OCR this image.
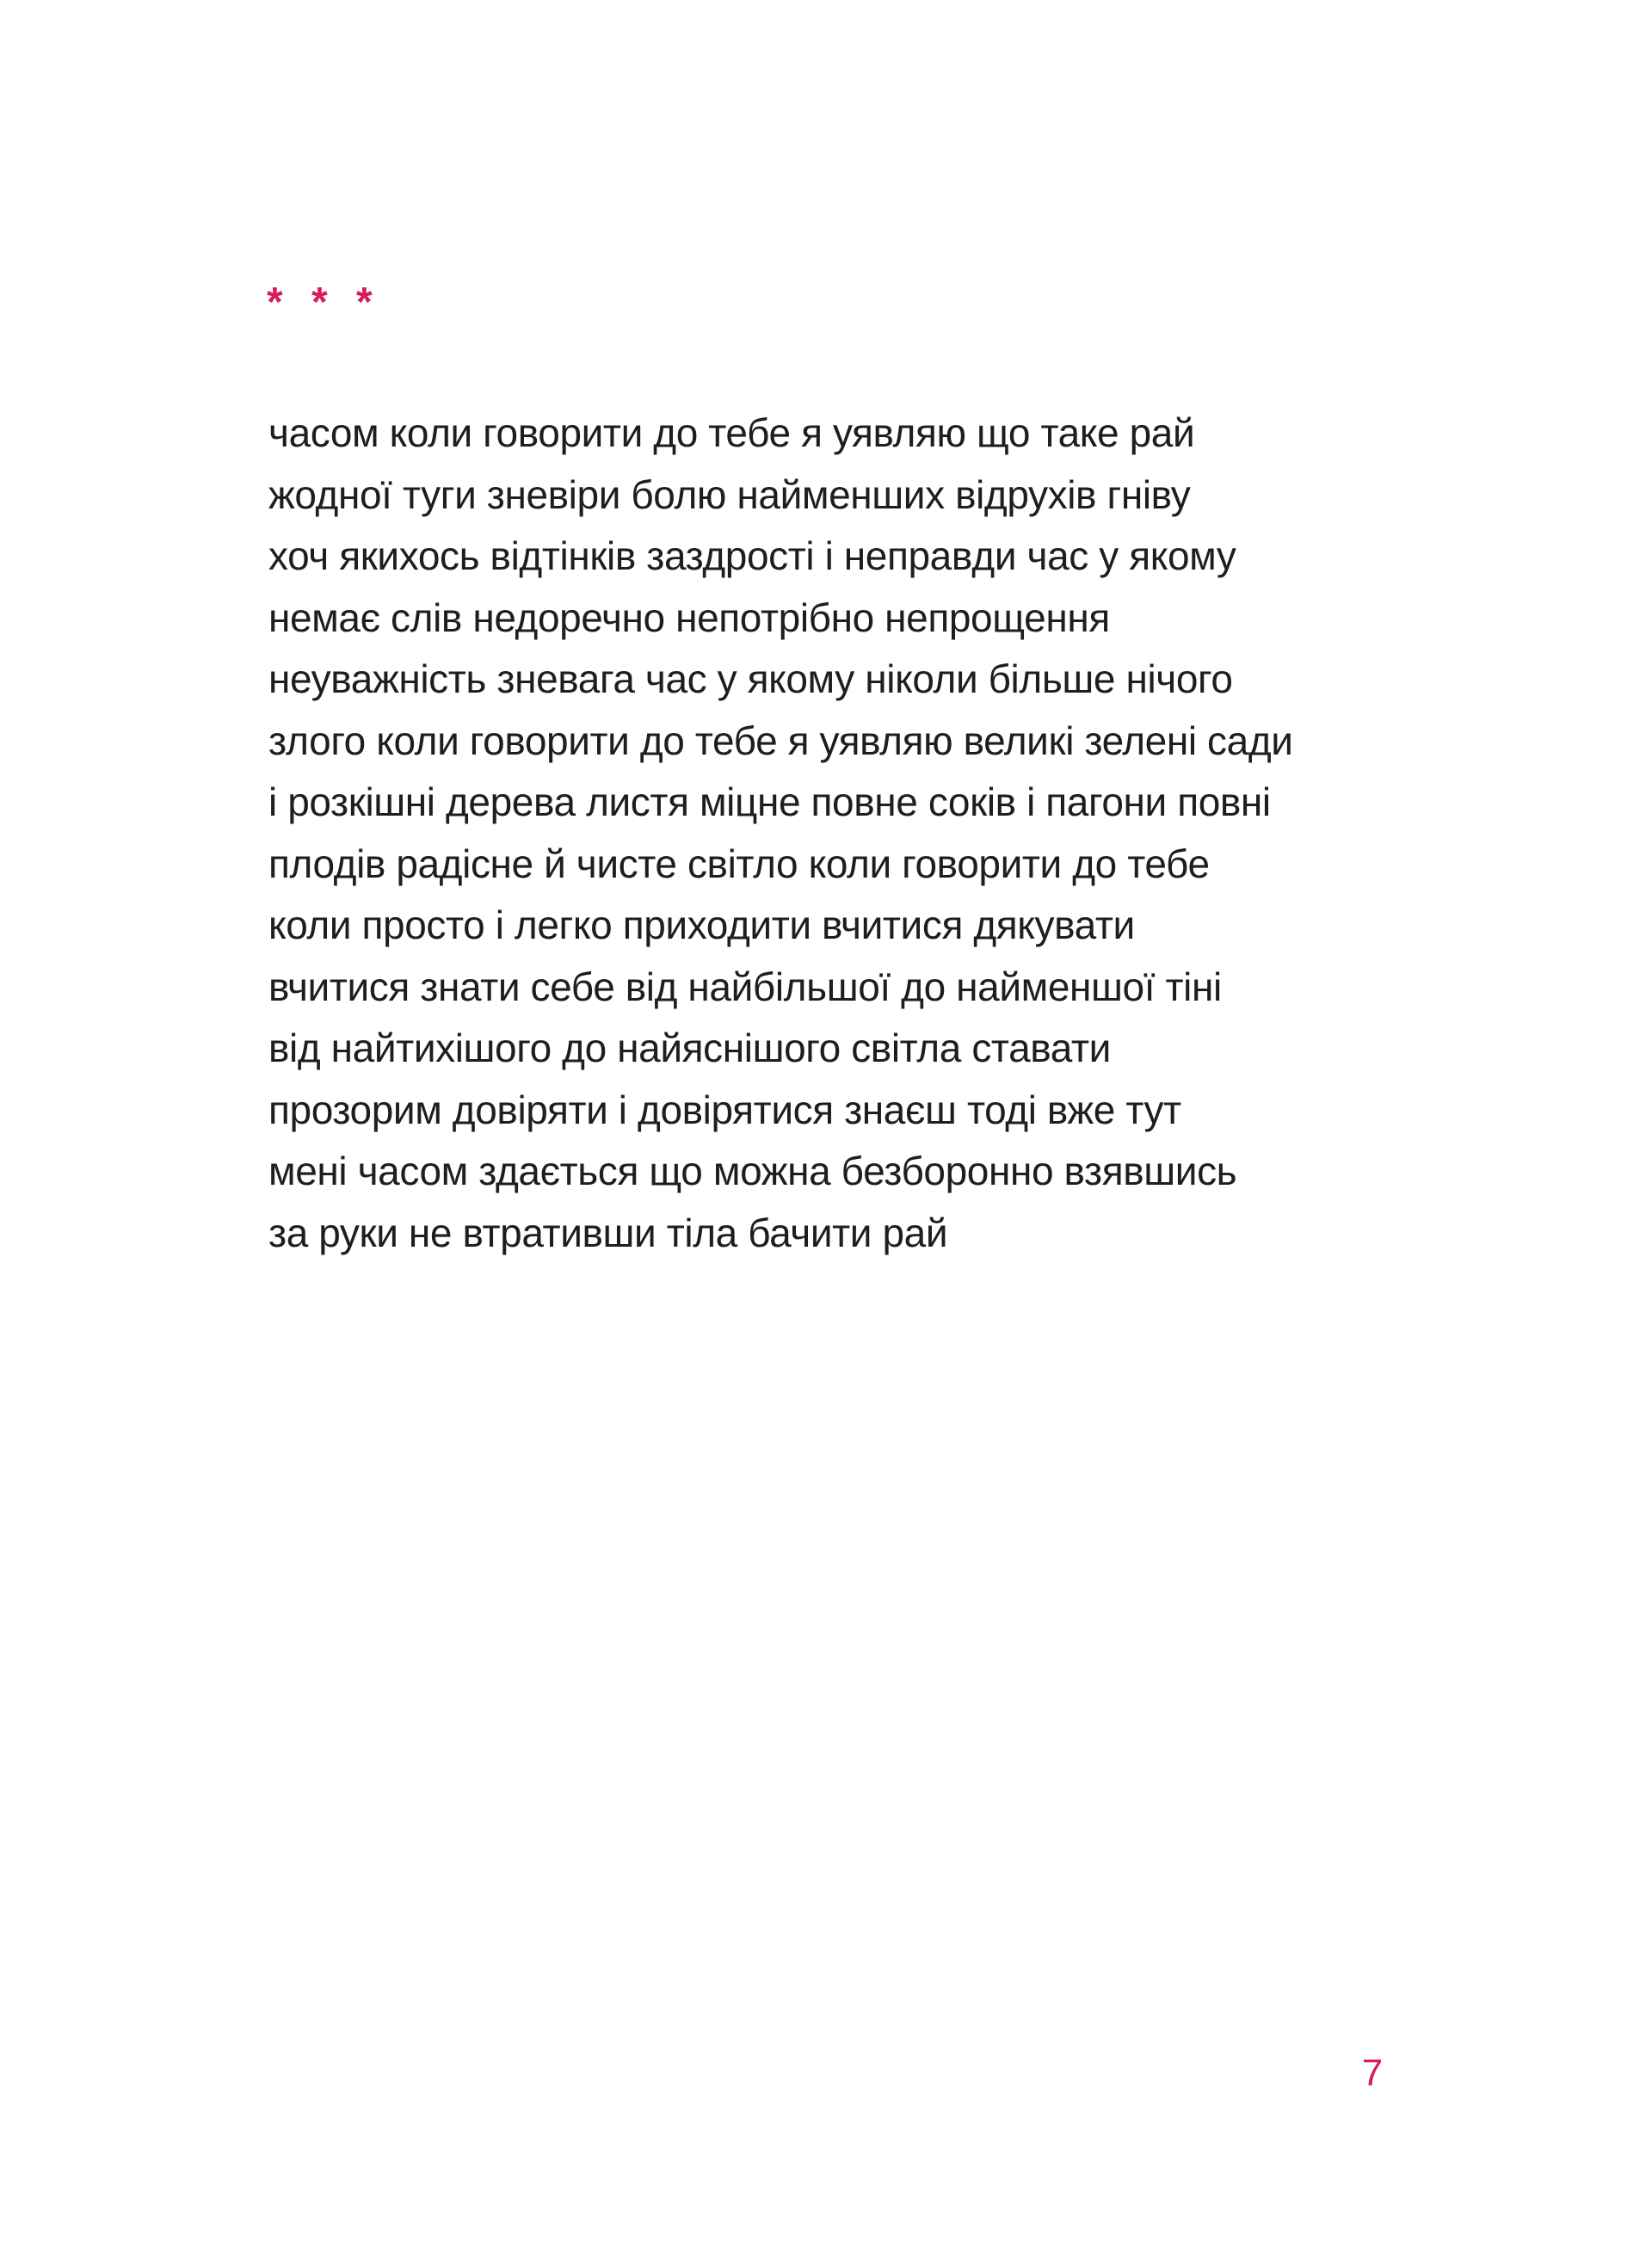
* * *
часом коли говорити до тебе я уявляю що таке рай
жодної туги зневіри болю найменших відрухів гніву
хоч якихось відтінків заздрості і неправди час у якому
немає слів недоречно непотрібно непрощення
неуважність зневага час у якому ніколи більше нічого
злого коли говорити до тебе я уявляю великі зелені сади
і розкішні дерева листя міцне повне соків і пагони повні
плодів радісне й чисте світло коли говорити до тебе
коли просто і легко приходити вчитися дякувати
вчитися знати себе від найбільшої до найменшої тіні
від найтихішого до найяснішого світла ставати
прозорим довіряти і довірятися знаєш тоді вже тут
мені часом здається що можна безборонно взявшись
за руки не втративши тіла бачити рай
7
